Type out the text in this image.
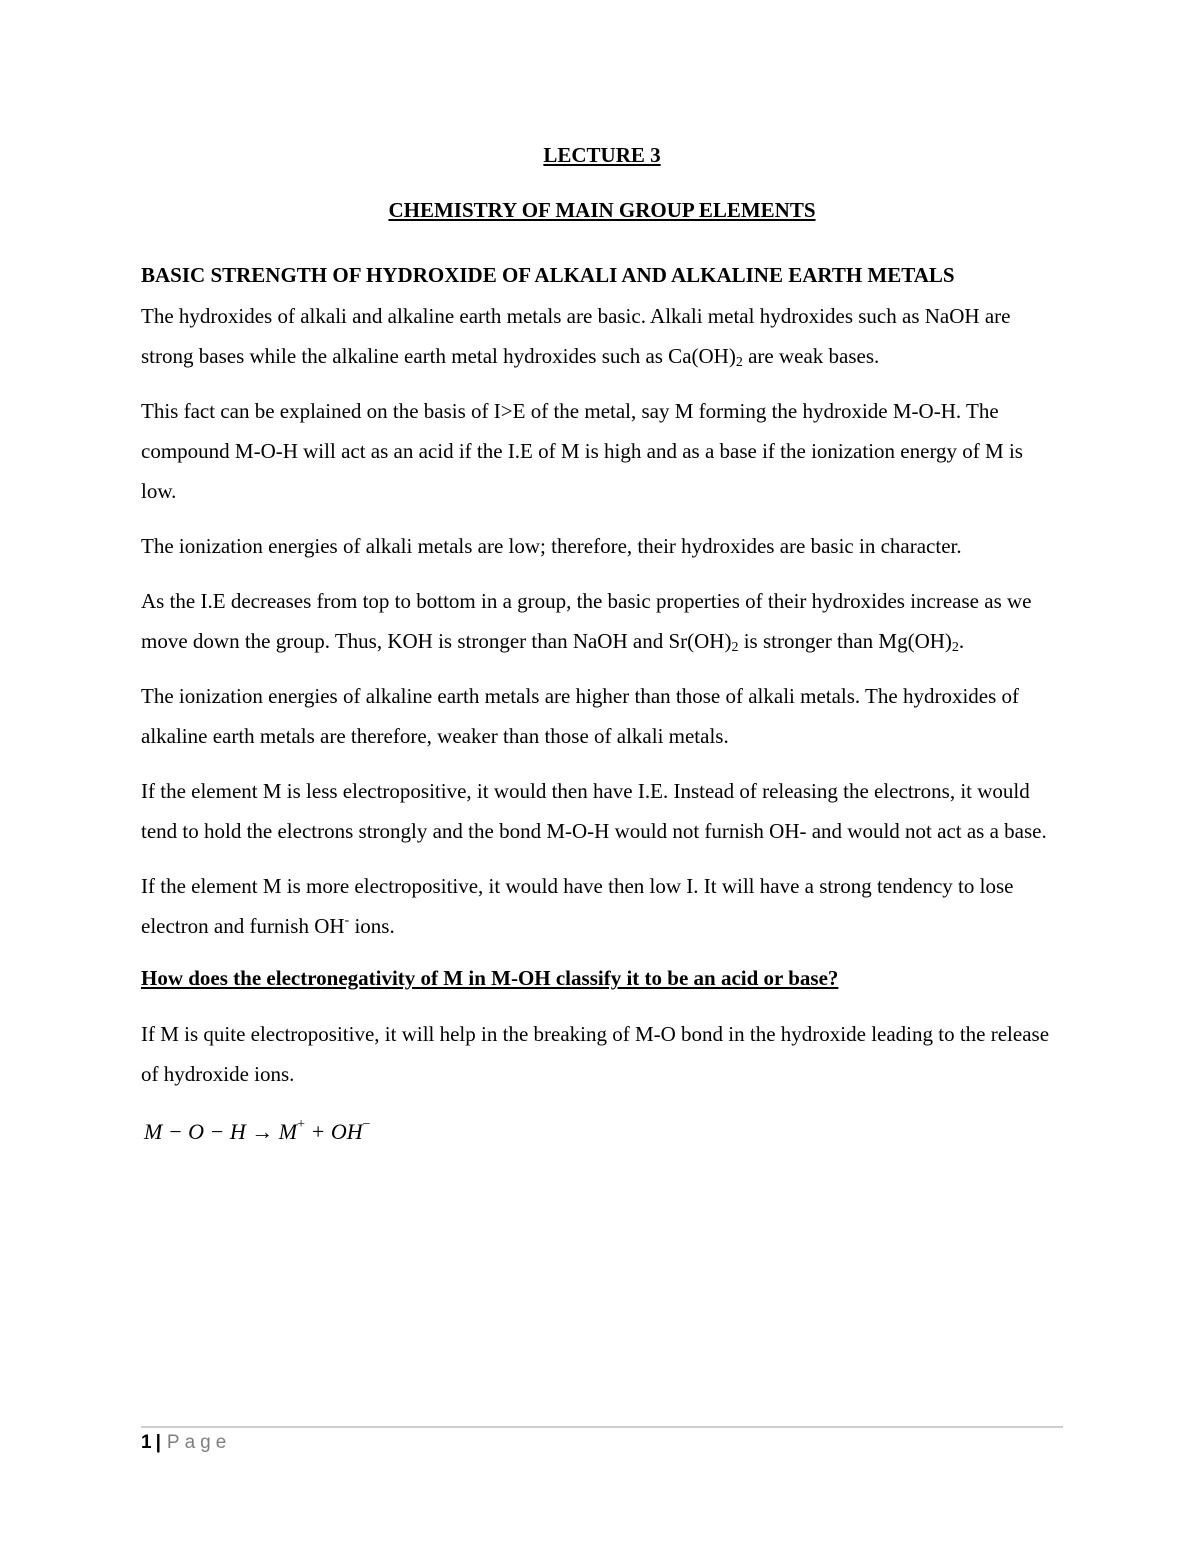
LECTURE 3
CHEMISTRY OF MAIN GROUP ELEMENTS
BASIC STRENGTH OF HYDROXIDE OF ALKALI AND ALKALINE EARTH METALS

The hydroxides of alkali and alkaline earth metals are basic. Alkali metal hydroxides such as NaOH are strong bases while the alkaline earth metal hydroxides such as $Ca(OH)_2$ are weak bases.

This fact can be explained on the basis of I>E of the metal, say M forming the hydroxide M-O-H. The compound M-O-H will act as an acid if the I.E of M is high and as a base if the ionization energy of M is low.

The ionization energies of alkali metals are low; therefore, their hydroxides are basic in character.

As the I.E decreases from top to bottom in a group, the basic properties of their hydroxides increase as we move down the group. Thus, KOH is stronger than NaOH and $Sr(OH)_2$ is stronger than $Mg(OH)_2$.

The ionization energies of alkaline earth metals are higher than those of alkali metals. The hydroxides of alkaline earth metals are therefore, weaker than those of alkali metals.

If the element M is less electropositive, it would then have I.E. Instead of releasing the electrons, it would tend to hold the electrons strongly and the bond M-O-H would not furnish OH- and would not act as a base.

If the element M is more electropositive, it would have then low I. It will have a strong tendency to lose electron and furnish OH- ions.

How does the electronegativity of M in M-OH classify it to be an acid or base?

If M is quite electropositive, it will help in the breaking of M-O bond in the hydroxide leading to the release of hydroxide ions.

M − O − H → M+ + OH−
1 | Page
